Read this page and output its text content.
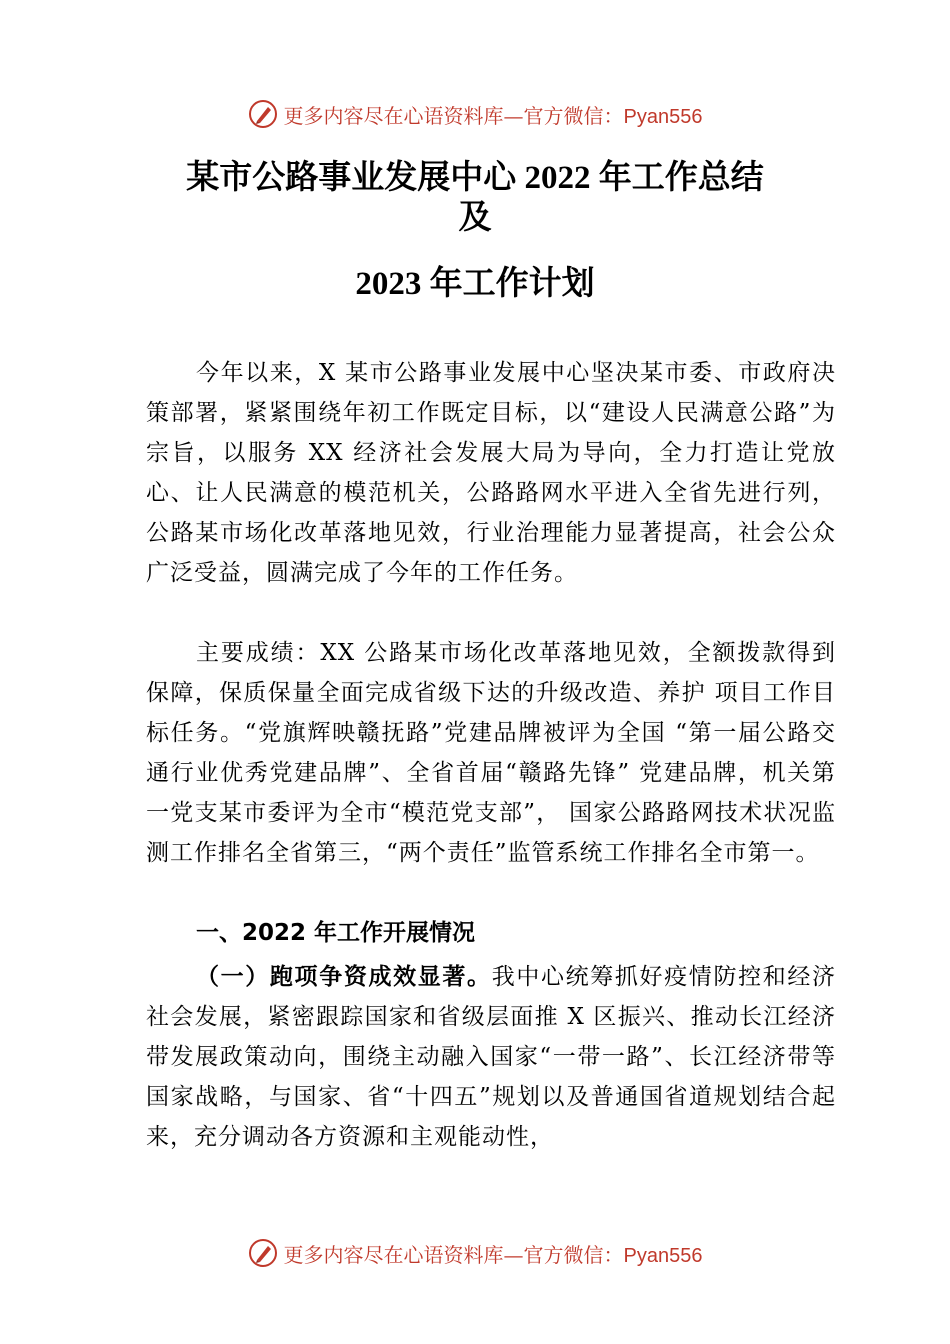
更多内容尽在心语资料库—官方微信：Pyan556
某市公路事业发展中心 2022 年工作总结
及
2023 年工作计划

今年以来，X 某市公路事业发展中心坚决某市委、市政府决策部署，紧紧围绕年初工作既定目标，以“建设人民满意公路”为宗旨，以服务 XX 经济社会发展大局为导向，全力打造让党放心、让人民满意的模范机关，公路路网水平进入全省先进行列，公路某市场化改革落地见效，行业治理能力显著提高，社会公众广泛受益，圆满完成了今年的工作任务。

主要成绩：XX 公路某市场化改革落地见效，全额拨款得到保障，保质保量全面完成省级下达的升级改造、养护 项目工作目标任务。“党旗辉映赣抚路”党建品牌被评为全国 “第一届公路交通行业优秀党建品牌”、全省首届“赣路先锋” 党建品牌，机关第一党支某市委评为全市“模范党支部”， 国家公路路网技术状况监测工作排名全省第三，“两个责任”监管系统工作排名全市第一。

一、2022 年工作开展情况

（一）跑项争资成效显著。我中心统筹抓好疫情防控和经济社会发展，紧密跟踪国家和省级层面推 X 区振兴、推动长江经济带发展政策动向，围绕主动融入国家“一带一路”、长江经济带等国家战略，与国家、省“十四五”规划以及普通国省道规划结合起来，充分调动各方资源和主观能动性，

更多内容尽在心语资料库—官方微信：Pyan556
